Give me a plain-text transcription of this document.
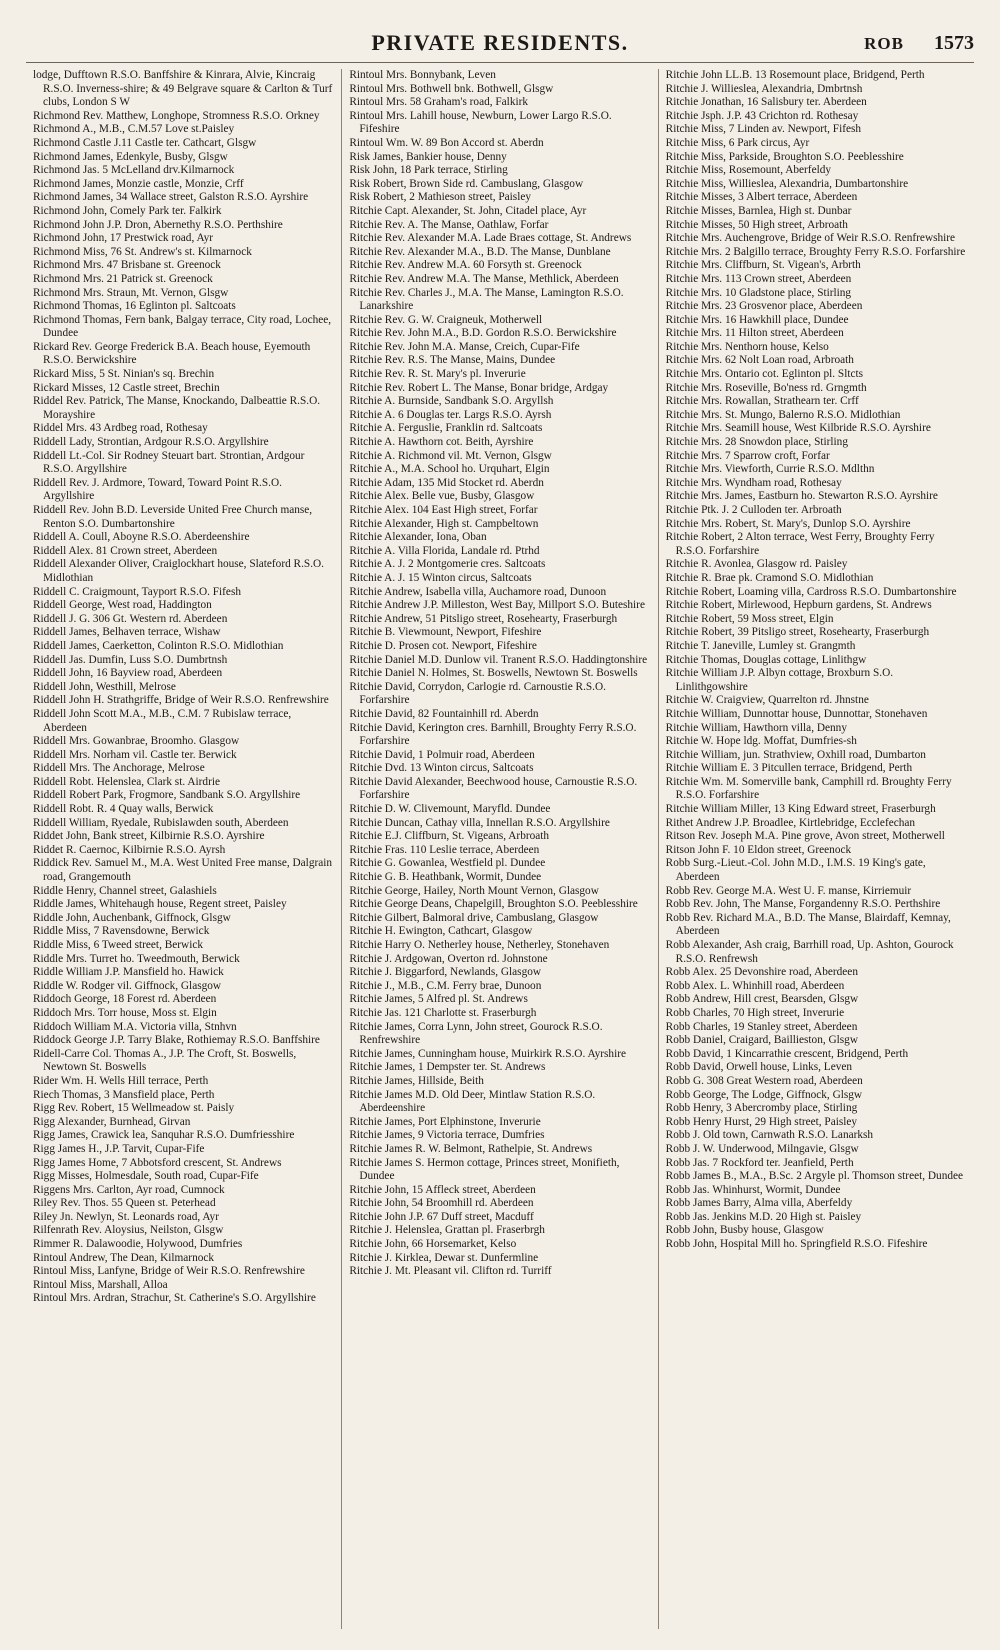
PRIVATE RESIDENTS.	ROB 1573
lodge, Dufftown R.S.O. Banffshire & Kinrara, Alvie, Kincraig R.S.O. Inverness-shire; & 49 Belgrave square & Carlton & Turf clubs, London S W
Richmond Rev. Matthew, Longhope, Stromness R.S.O. Orkney
Richmond A., M.B., C.M.57 Love st.Paisley
Richmond Castle J.11 Castle ter. Cathcart, Glsgw
Richmond James, Edenkyle, Busby, Glsgw
Richmond Jas. 5 McLelland drv.Kilmarnock
Richmond James, Monzie castle, Monzie, Crff
Richmond James, 34 Wallace street, Galston R.S.O. Ayrshire
Richmond John, Comely Park ter. Falkirk
Richmond John J.P. Dron, Abernethy R.S.O. Perthshire
Richmond John, 17 Prestwick road, Ayr
Richmond Miss, 76 St. Andrew's st. Kilmarnock
Richmond Mrs. 47 Brisbane st. Greenock
Richmond Mrs. 21 Patrick st. Greenock
Richmond Mrs. Straun, Mt. Vernon, Glsgw
Richmond Thomas, 16 Eglinton pl. Saltcoats
Richmond Thomas, Fern bank, Balgay terrace, City road, Lochee, Dundee
Rickard Rev. George Frederick B.A. Beach house, Eyemouth R.S.O. Berwickshire
Rickard Miss, 5 St. Ninian's sq. Brechin
Rickard Misses, 12 Castle street, Brechin
Riddel Rev. Patrick, The Manse, Knockando, Dalbeattie R.S.O. Morayshire
Riddel Mrs. 43 Ardbeg road, Rothesay
Riddell Lady, Strontian, Ardgour R.S.O. Argyllshire
Riddell Lt.-Col. Sir Rodney Steuart bart. Strontian, Ardgour R.S.O. Argyllshire
Riddell Rev. J. Ardmore, Toward, Toward Point R.S.O. Argyllshire
Riddell Rev. John B.D. Leverside United Free Church manse, Renton S.O. Dumbartonshire
Riddell A. Coull, Aboyne R.S.O. Aberdeenshire
Riddell Alex. 81 Crown street, Aberdeen
Riddell Alexander Oliver, Craiglockhart house, Slateford R.S.O. Midlothian
Riddell C. Craigmount, Tayport R.S.O. Fifesh
Riddell George, West road, Haddington
Riddell J. G. 306 Gt. Western rd. Aberdeen
Riddell James, Belhaven terrace, Wishaw
Riddell James, Caerketton, Colinton R.S.O. Midlothian
Riddell Jas. Dumfin, Luss S.O. Dumbrtnsh
Riddell John, 16 Bayview road, Aberdeen
Riddell John, Westhill, Melrose
Riddell John H. Strathgriffe, Bridge of Weir R.S.O. Renfrewshire
Riddell John Scott M.A., M.B., C.M. 7 Rubislaw terrace, Aberdeen
Riddell Mrs. Gowanbrae, Broomho. Glasgow
Riddell Mrs. Norham vil. Castle ter. Berwick
Riddell Mrs. The Anchorage, Melrose
Riddell Robt. Helenslea, Clark st. Airdrie
Riddell Robert Park, Frogmore, Sandbank S.O. Argyllshire
Riddell Robt. R. 4 Quay walls, Berwick
Riddell William, Ryedale, Rubislawden south, Aberdeen
Riddet John, Bank street, Kilbirnie R.S.O. Ayrshire
Riddet R. Caernoc, Kilbirnie R.S.O. Ayrsh
Riddick Rev. Samuel M., M.A. West United Free manse, Dalgrain road, Grangemouth
Riddle Henry, Channel street, Galashiels
Riddle James, Whitehaugh house, Regent street, Paisley
Riddle John, Auchenbank, Giffnock, Glsgw
Riddle Miss, 7 Ravensdowne, Berwick
Riddle Miss, 6 Tweed street, Berwick
Riddle Mrs. Turret ho. Tweedmouth, Berwick
Riddle William J.P. Mansfield ho. Hawick
Riddle W. Rodger vil. Giffnock, Glasgow
Riddoch George, 18 Forest rd. Aberdeen
Riddoch Mrs. Torr house, Moss st. Elgin
Riddoch William M.A. Victoria villa, Stnhvn
Riddock George J.P. Tarry Blake, Rothiemay R.S.O. Banffshire
Ridell-Carre Col. Thomas A., J.P. The Croft, St. Boswells, Newtown St. Boswells
Rider Wm. H. Wells Hill terrace, Perth
Riech Thomas, 3 Mansfield place, Perth
Rigg Rev. Robert, 15 Wellmeadow st. Paisly
Rigg Alexander, Burnhead, Girvan
Rigg James, Crawick lea, Sanquhar R.S.O. Dumfriesshire
Rigg James H., J.P. Tarvit, Cupar-Fife
Rigg James Home, 7 Abbotsford crescent, St. Andrews
Rigg Misses, Holmesdale, South road, Cupar-Fife
Riggens Mrs. Carlton, Ayr road, Cumnock
Riley Rev. Thos. 55 Queen st. Peterhead
Riley Jn. Newlyn, St. Leonards road, Ayr
Rilfenrath Rev. Aloysius, Neilston, Glsgw
Rimmer R. Dalawoodie, Holywood, Dumfries
Rintoul Andrew, The Dean, Kilmarnock
Rintoul Miss, Lanfyne, Bridge of Weir R.S.O. Renfrewshire
Rintoul Miss, Marshall, Alloa
Rintoul Mrs. Ardran, Strachur, St. Catherine's S.O. Argyllshire
Rintoul Mrs. Bonnybank, Leven
Rintoul Mrs. Bothwell bnk. Bothwell, Glsgw
Rintoul Mrs. 58 Graham's road, Falkirk
Rintoul Mrs. Lahill house, Newburn, Lower Largo R.S.O. Fifeshire
Rintoul Wm. W. 89 Bon Accord st. Aberdn
Risk James, Bankier house, Denny
Risk John, 18 Park terrace, Stirling
Risk Robert, Brown Side rd. Cambuslang, Glasgow
Risk Robert, 2 Mathieson street, Paisley
Ritchie Capt. Alexander, St. John, Citadel place, Ayr
Ritchie Rev. A. The Manse, Oathlaw, Forfar
Ritchie Rev. Alexander M.A. Lade Braes cottage, St. Andrews
Ritchie Rev. Alexander M.A., B.D. The Manse, Dunblane
Ritchie Rev. Andrew M.A. 60 Forsyth st. Greenock
Ritchie Rev. Andrew M.A. The Manse, Methlick, Aberdeen
Ritchie Rev. Charles J., M.A. The Manse, Lamington R.S.O. Lanarkshire
Ritchie Rev. G. W. Craigneuk, Motherwell
Ritchie Rev. John M.A., B.D. Gordon R.S.O. Berwickshire
Ritchie Rev. John M.A. Manse, Creich, Cupar-Fife
Ritchie Rev. R.S. The Manse, Mains, Dundee
Ritchie Rev. R. St. Mary's pl. Inverurie
Ritchie Rev. Robert L. The Manse, Bonar bridge, Ardgay
Ritchie A. Burnside, Sandbank S.O. Argyllsh
Ritchie A. 6 Douglas ter. Largs R.S.O. Ayrsh
Ritchie A. Ferguslie, Franklin rd. Saltcoats
Ritchie A. Hawthorn cot. Beith, Ayrshire
Ritchie A. Richmond vil. Mt. Vernon, Glsgw
Ritchie A., M.A. School ho. Urquhart, Elgin
Ritchie Adam, 135 Mid Stocket rd. Aberdn
Ritchie Alex. Belle vue, Busby, Glasgow
Ritchie Alex. 104 East High street, Forfar
Ritchie Alexander, High st. Campbeltown
Ritchie Alexander, Iona, Oban
Ritchie A. Villa Florida, Landale rd. Ptrhd
Ritchie A. J. 2 Montgomerie cres. Saltcoats
Ritchie A. J. 15 Winton circus, Saltcoats
Ritchie Andrew, Isabella villa, Auchamore road, Dunoon
Ritchie Andrew J.P. Milleston, West Bay, Millport S.O. Buteshire
Ritchie Andrew, 51 Pitsligo street, Rosehearty, Fraserburgh
Ritchie B. Viewmount, Newport, Fifeshire
Ritchie D. Prosen cot. Newport, Fifeshire
Ritchie Daniel M.D. Dunlow vil. Tranent R.S.O. Haddingtonshire
Ritchie Daniel N. Holmes, St. Boswells, Newtown St. Boswells
Ritchie David, Corrydon, Carlogie rd. Carnoustie R.S.O. Forfarshire
Ritchie David, 82 Fountainhill rd. Aberdn
Ritchie David, Kerington cres. Barnhill, Broughty Ferry R.S.O. Forfarshire
Ritchie David, 1 Polmuir road, Aberdeen
Ritchie Dvd. 13 Winton circus, Saltcoats
Ritchie David Alexander, Beechwood house, Carnoustie R.S.O. Forfarshire
Ritchie D. W. Clivemount, Maryfld. Dundee
Ritchie Duncan, Cathay villa, Innellan R.S.O. Argyllshire
Ritchie E.J. Cliffburn, St. Vigeans, Arbroath
Ritchie Fras. 110 Leslie terrace, Aberdeen
Ritchie G. Gowanlea, Westfield pl. Dundee
Ritchie G. B. Heathbank, Wormit, Dundee
Ritchie George, Hailey, North Mount Vernon, Glasgow
Ritchie George Deans, Chapelgill, Broughton S.O. Peeblesshire
Ritchie Gilbert, Balmoral drive, Cambuslang, Glasgow
Ritchie H. Ewington, Cathcart, Glasgow
Ritchie Harry O. Netherley house, Netherley, Stonehaven
Ritchie J. Ardgowan, Overton rd. Johnstone
Ritchie J. Biggarford, Newlands, Glasgow
Ritchie J., M.B., C.M. Ferry brae, Dunoon
Ritchie James, 5 Alfred pl. St. Andrews
Ritchie Jas. 121 Charlotte st. Fraserburgh
Ritchie James, Corra Lynn, John street, Gourock R.S.O. Renfrewshire
Ritchie James, Cunningham house, Muirkirk R.S.O. Ayrshire
Ritchie James, 1 Dempster ter. St. Andrews
Ritchie James, Hillside, Beith
Ritchie James M.D. Old Deer, Mintlaw Station R.S.O. Aberdeenshire
Ritchie James, Port Elphinstone, Inverurie
Ritchie James, 9 Victoria terrace, Dumfries
Ritchie James R. W. Belmont, Rathelpie, St. Andrews
Ritchie James S. Hermon cottage, Princes street, Monifieth, Dundee
Ritchie John, 15 Affleck street, Aberdeen
Ritchie John, 54 Broomhill rd. Aberdeen
Ritchie John J.P. 67 Duff street, Macduff
Ritchie J. Helenslea, Grattan pl. Fraserbrgh
Ritchie John, 66 Horsemarket, Kelso
Ritchie J. Kirklea, Dewar st. Dunfermline
Ritchie J. Mt. Pleasant vil. Clifton rd. Turriff
Ritchie John LL.B. 13 Rosemount place, Bridgend, Perth
Ritchie J. Willieslea, Alexandria, Dmbrtnsh
Ritchie Jonathan, 16 Salisbury ter. Aberdeen
Ritchie Jsph. J.P. 43 Crichton rd. Rothesay
Ritchie Miss, 7 Linden av. Newport, Fifesh
Ritchie Miss, 6 Park circus, Ayr
Ritchie Miss, Parkside, Broughton S.O. Peeblesshire
Ritchie Miss, Rosemount, Aberfeldy
Ritchie Miss, Willieslea, Alexandria, Dumbartonshire
Ritchie Misses, 3 Albert terrace, Aberdeen
Ritchie Misses, Barnlea, High st. Dunbar
Ritchie Misses, 50 High street, Arbroath
Ritchie Mrs. Auchengrove, Bridge of Weir R.S.O. Renfrewshire
Ritchie Mrs. 2 Balgillo terrace, Broughty Ferry R.S.O. Forfarshire
Ritchie Mrs. Cliffburn, St. Vigean's, Arbrth
Ritchie Mrs. 113 Crown street, Aberdeen
Ritchie Mrs. 10 Gladstone place, Stirling
Ritchie Mrs. 23 Grosvenor place, Aberdeen
Ritchie Mrs. 16 Hawkhill place, Dundee
Ritchie Mrs. 11 Hilton street, Aberdeen
Ritchie Mrs. Nenthorn house, Kelso
Ritchie Mrs. 62 Nolt Loan road, Arbroath
Ritchie Mrs. Ontario cot. Eglinton pl. Sltcts
Ritchie Mrs. Roseville, Bo'ness rd. Grngmth
Ritchie Mrs. Rowallan, Strathearn ter. Crff
Ritchie Mrs. St. Mungo, Balerno R.S.O. Midlothian
Ritchie Mrs. Seamill house, West Kilbride R.S.O. Ayrshire
Ritchie Mrs. 28 Snowdon place, Stirling
Ritchie Mrs. 7 Sparrow croft, Forfar
Ritchie Mrs. Viewforth, Currie R.S.O. Mdlthn
Ritchie Mrs. Wyndham road, Rothesay
Ritchie Mrs. James, Eastburn ho. Stewarton R.S.O. Ayrshire
Ritchie Ptk. J. 2 Culloden ter. Arbroath
Ritchie Mrs. Robert, St. Mary's, Dunlop S.O. Ayrshire
Ritchie Robert, 2 Alton terrace, West Ferry, Broughty Ferry R.S.O. Forfarshire
Ritchie R. Avonlea, Glasgow rd. Paisley
Ritchie R. Brae pk. Cramond S.O. Midlothian
Ritchie Robert, Loaming villa, Cardross R.S.O. Dumbartonshire
Ritchie Robert, Mirlewood, Hepburn gardens, St. Andrews
Ritchie Robert, 59 Moss street, Elgin
Ritchie Robert, 39 Pitsligo street, Rosehearty, Fraserburgh
Ritchie T. Janeville, Lumley st. Grangmth
Ritchie Thomas, Douglas cottage, Linlithgw
Ritchie William J.P. Albyn cottage, Broxburn S.O. Linlithgowshire
Ritchie W. Craigview, Quarrelton rd. Jhnstne
Ritchie William, Dunnottar house, Dunnottar, Stonehaven
Ritchie William, Hawthorn villa, Denny
Ritchie W. Hope ldg. Moffat, Dumfries-sh
Ritchie William, jun. Strathview, Oxhill road, Dumbarton
Ritchie William E. 3 Pitcullen terrace, Bridgend, Perth
Ritchie Wm. M. Somerville bank, Camphill rd. Broughty Ferry R.S.O. Forfarshire
Ritchie William Miller, 13 King Edward street, Fraserburgh
Rithet Andrew J.P. Broadlee, Kirtlebridge, Ecclefechan
Ritson Rev. Joseph M.A. Pine grove, Avon street, Motherwell
Ritson John F. 10 Eldon street, Greenock
Robb Surg.-Lieut.-Col. John M.D., I.M.S. 19 King's gate, Aberdeen
Robb Rev. George M.A. West U. F. manse, Kirriemuir
Robb Rev. John, The Manse, Forgandenny R.S.O. Perthshire
Robb Rev. Richard M.A., B.D. The Manse, Blairdaff, Kemnay, Aberdeen
Robb Alexander, Ash craig, Barrhill road, Up. Ashton, Gourock R.S.O. Renfrewsh
Robb Alex. 25 Devonshire road, Aberdeen
Robb Alex. L. Whinhill road, Aberdeen
Robb Andrew, Hill crest, Bearsden, Glsgw
Robb Charles, 70 High street, Inverurie
Robb Charles, 19 Stanley street, Aberdeen
Robb Daniel, Craigard, Baillieston, Glsgw
Robb David, 1 Kincarrathie crescent, Bridgend, Perth
Robb David, Orwell house, Links, Leven
Robb G. 308 Great Western road, Aberdeen
Robb George, The Lodge, Giffnock, Glsgw
Robb Henry, 3 Abercromby place, Stirling
Robb Henry Hurst, 29 High street, Paisley
Robb J. Old town, Carnwath R.S.O. Lanarksh
Robb J. W. Underwood, Milngavie, Glsgw
Robb Jas. 7 Rockford ter. Jeanfield, Perth
Robb James B., M.A., B.Sc. 2 Argyle pl. Thomson street, Dundee
Robb Jas. Whinhurst, Wormit, Dundee
Robb James Barry, Alma villa, Aberfeldy
Robb Jas. Jenkins M.D. 20 High st. Paisley
Robb John, Busby house, Glasgow
Robb John, Hospital Mill ho. Springfield R.S.O. Fifeshire
